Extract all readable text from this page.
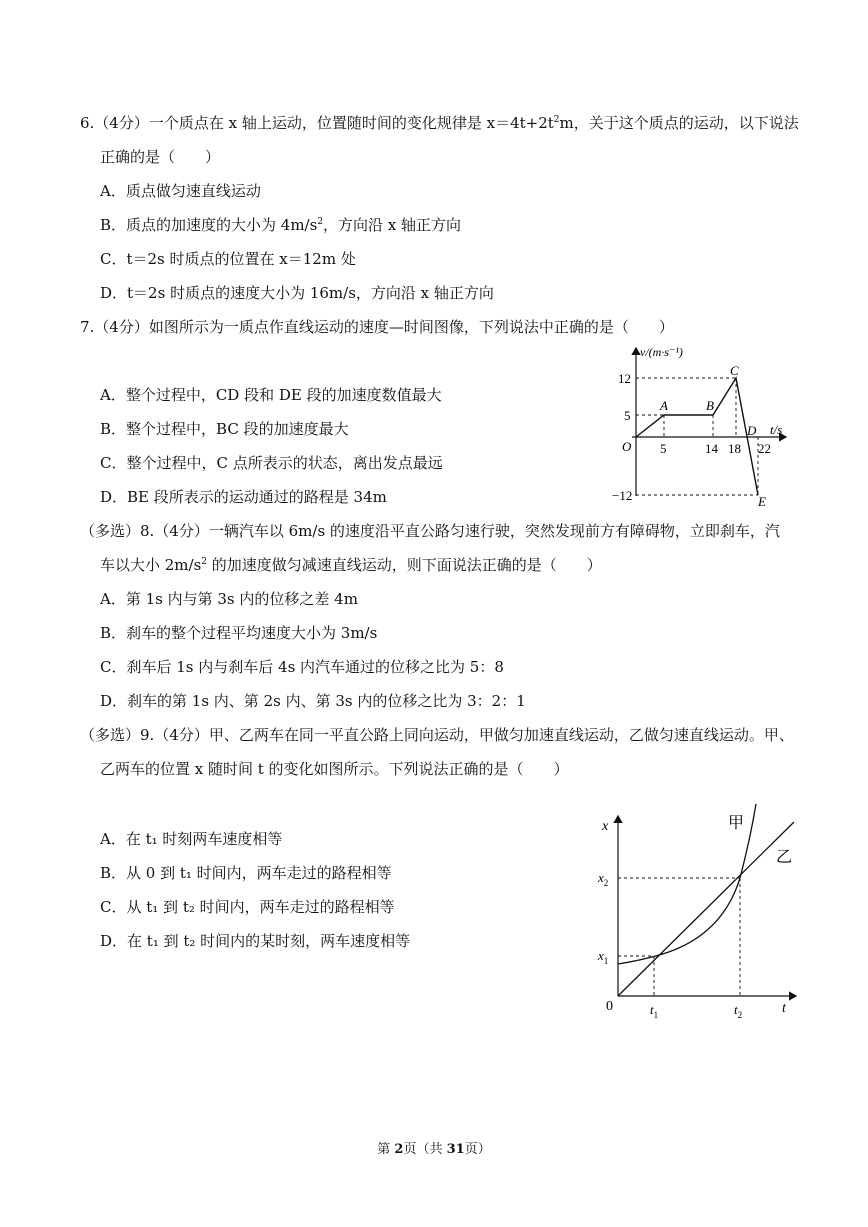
6.（4分）一个质点在 x 轴上运动，位置随时间的变化规律是 $x=4t+2t^2m$，关于这个质点的运动，以下说法
正确的是（　　）
A．质点做匀速直线运动
B．质点的加速度的大小为 $4m/s^2$，方向沿 x 轴正方向
C．t＝2s 时质点的位置在 x＝12m 处
D．t＝2s 时质点的速度大小为 16m/s，方向沿 x 轴正方向
7.（4分）如图所示为一质点作直线运动的速度—时间图像，下列说法中正确的是（　　）
A．整个过程中，CD 段和 DE 段的加速度数值最大
B．整个过程中，BC 段的加速度最大
C．整个过程中，C 点所表示的状态，离出发点最远
D．BE 段所表示的运动通过的路程是 34m
v/(m·s⁻¹)
t/s
O
12
5
−12
5	14 18 22
A	B
C
D
E
（多选）8.（4分）一辆汽车以 6m/s 的速度沿平直公路匀速行驶，突然发现前方有障碍物，立即刹车，汽
车以大小 $2m/s^2$ 的加速度做匀减速直线运动，则下面说法正确的是（　　）
A．第 1s 内与第 3s 内的位移之差 4m
B．刹车的整个过程平均速度大小为 3m/s
C．刹车后 1s 内与刹车后 4s 内汽车通过的位移之比为 5：8
D．刹车的第 1s 内、第 2s 内、第 3s 内的位移之比为 3：2：1
（多选）9.（4分）甲、乙两车在同一平直公路上同向运动，甲做匀加速直线运动，乙做匀速直线运动。甲、
乙两车的位置 x 随时间 t 的变化如图所示。下列说法正确的是（　　）
A．在 t₁ 时刻两车速度相等
B．从 0 到 t₁ 时间内，两车走过的路程相等
C．从 t₁ 到 t₂ 时间内，两车走过的路程相等
D．在 t₁ 到 t₂ 时间内的某时刻，两车速度相等
x
t
0
甲
乙
$x_2$
$x_1$
$t_1$	$t_2$
第 2页（共 31页）
